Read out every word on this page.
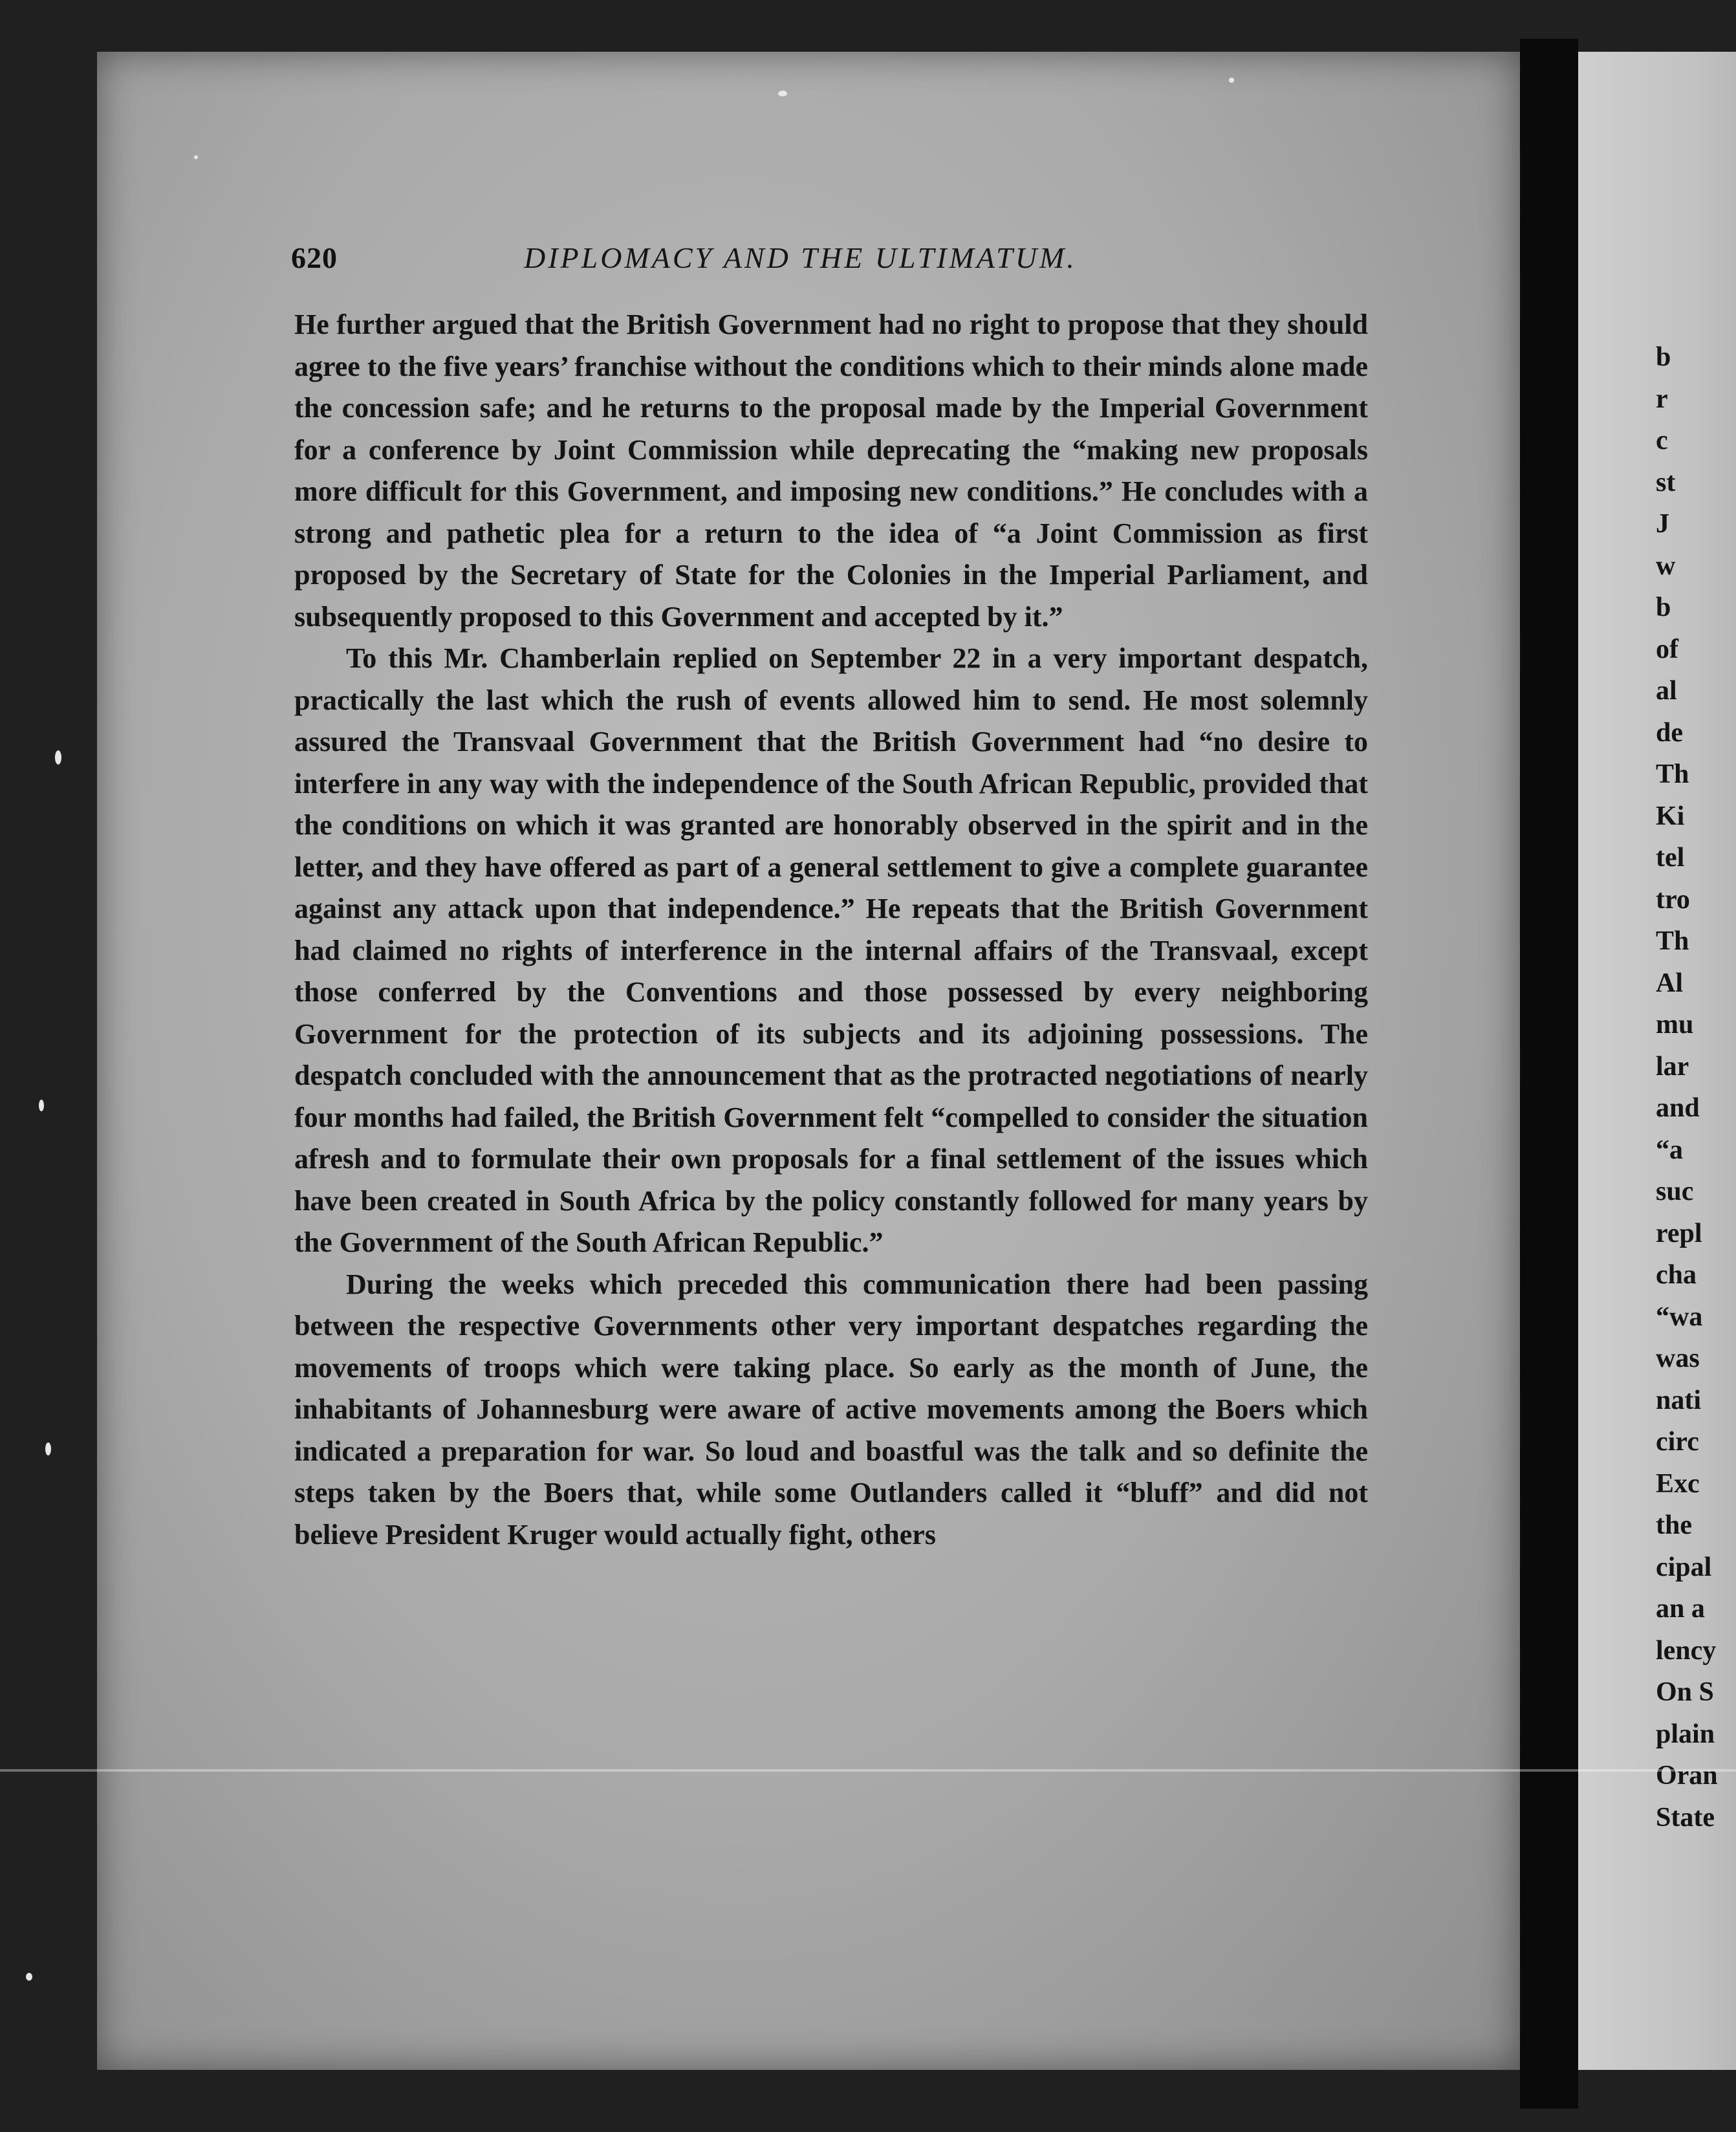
620	DIPLOMACY AND THE ULTIMATUM.

He further argued that the British Government had no right to propose that they should agree to the five years’ franchise without the conditions which to their minds alone made the concession safe; and he returns to the proposal made by the Imperial Government for a conference by Joint Commission while deprecating the “making new proposals more difficult for this Government, and imposing new conditions.” He concludes with a strong and pathetic plea for a return to the idea of “a Joint Commission as first proposed by the Secretary of State for the Colonies in the Imperial Parliament, and subsequently proposed to this Government and accepted by it.”

To this Mr. Chamberlain replied on September 22 in a very important despatch, practically the last which the rush of events allowed him to send. He most solemnly assured the Transvaal Government that the British Government had “no desire to interfere in any way with the independence of the South African Republic, provided that the conditions on which it was granted are honorably observed in the spirit and in the letter, and they have offered as part of a general settlement to give a complete guarantee against any attack upon that independence.” He repeats that the British Government had claimed no rights of interference in the internal affairs of the Transvaal, except those conferred by the Conventions and those possessed by every neighboring Government for the protection of its subjects and its adjoining possessions. The despatch concluded with the announcement that as the protracted negotiations of nearly four months had failed, the British Government felt “compelled to consider the situation afresh and to formulate their own proposals for a final settlement of the issues which have been created in South Africa by the policy constantly followed for many years by the Government of the South African Republic.”

During the weeks which preceded this communication there had been passing between the respective Governments other very important despatches regarding the movements of troops which were taking place. So early as the month of June, the inhabitants of Johannesburg were aware of active movements among the Boers which indicated a preparation for war. So loud and boastful was the talk and so definite the steps taken by the Boers that, while some Outlanders called it “bluff” and did not believe President Kruger would actually fight, others

b
r
c
st
J
w
b
of
al
de
Th
Ki
tel
tro
Th
Al
mu
lar
and
“a
suc
repl
cha
“wa
was
nati
circ
Exc
the
cipal
an a
lency
On S
plain
Oran
State
